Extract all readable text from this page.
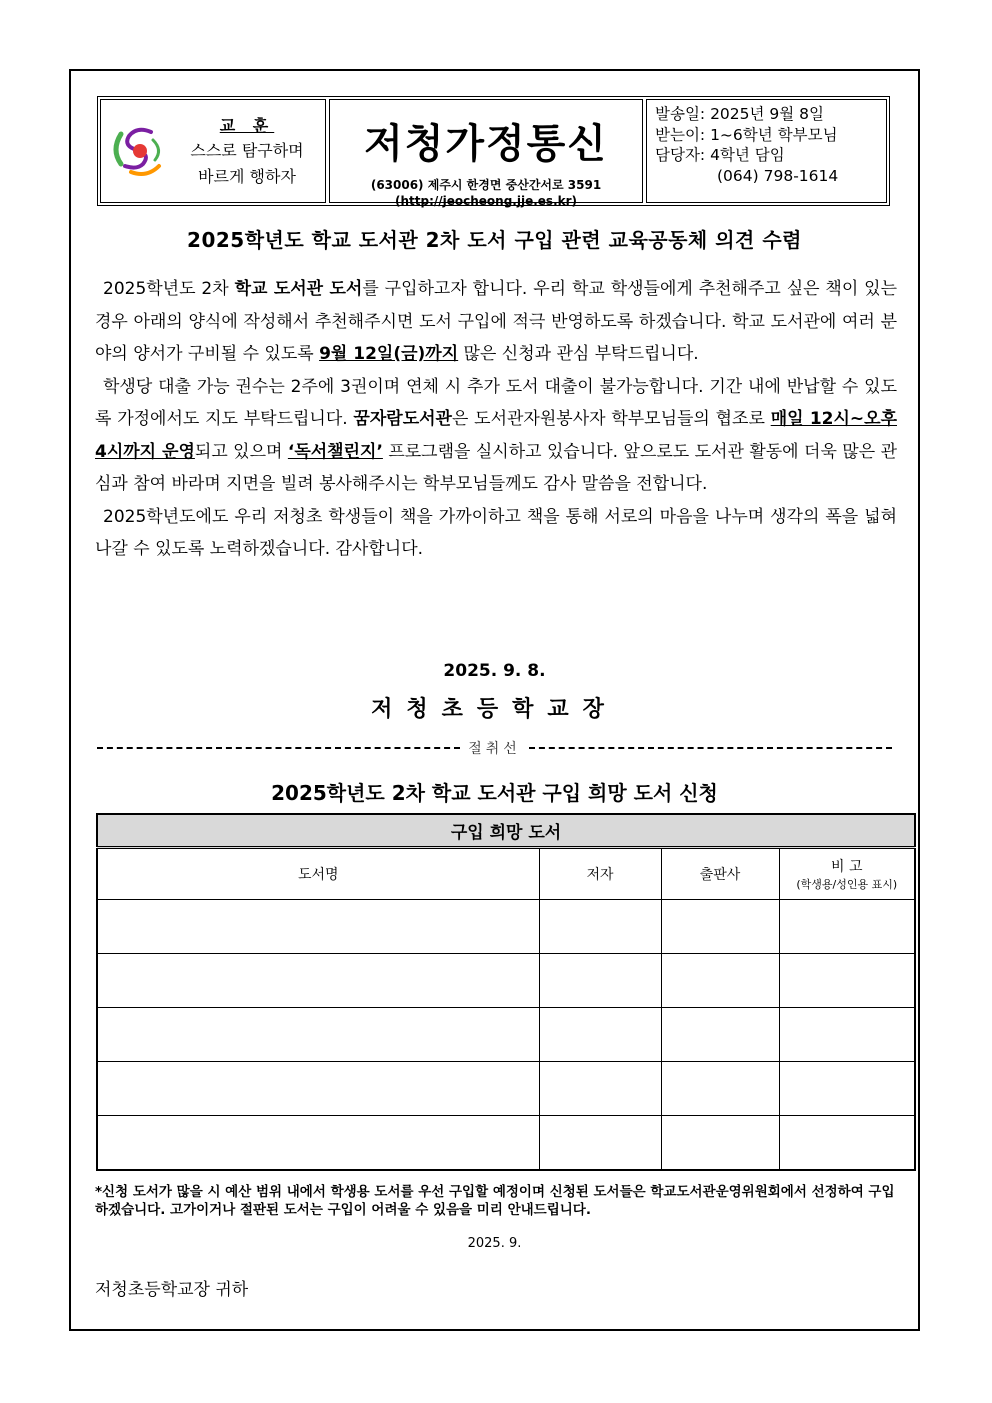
교 훈
스스로 탐구하며
바르게 행하자
저청가정통신
(63006) 제주시 한경면 중산간서로 3591
(http://jeocheong.jje.es.kr)
발송일: 2025년 9월 8일
받는이: 1~6학년 학부모님
담당자: 4학년 담임
(064) 798-1614
2025학년도 학교 도서관 2차 도서 구입 관련 교육공동체 의견 수렴

2025학년도 2차 학교 도서관 도서를 구입하고자 합니다. 우리 학교 학생들에게 추천해주고 싶은 책이 있는 경우 아래의 양식에 작성해서 추천해주시면 도서 구입에 적극 반영하도록 하겠습니다. 학교 도서관에 여러 분야의 양서가 구비될 수 있도록 9월 12일(금)까지 많은 신청과 관심 부탁드립니다.

학생당 대출 가능 권수는 2주에 3권이며 연체 시 추가 도서 대출이 불가능합니다. 기간 내에 반납할 수 있도록 가정에서도 지도 부탁드립니다. 꿈자람도서관은 도서관자원봉사자 학부모님들의 협조로 매일 12시~오후 4시까지 운영되고 있으며 ‘독서챌린지’ 프로그램을 실시하고 있습니다. 앞으로도 도서관 활동에 더욱 많은 관심과 참여 바라며 지면을 빌려 봉사해주시는 학부모님들께도 감사 말씀을 전합니다.

2025학년도에도 우리 저청초 학생들이 책을 가까이하고 책을 통해 서로의 마음을 나누며 생각의 폭을 넓혀나갈 수 있도록 노력하겠습니다. 감사합니다.

2025. 9. 8.
저청초등학교장
절취선
2025학년도 2차 학교 도서관 구입 희망 도서 신청
구입 희망 도서			
도서명	저자	출판사	비 고
(학생용/성인용 표시)

*신청 도서가 많을 시 예산 범위 내에서 학생용 도서를 우선 구입할 예정이며 신청된 도서들은 학교도서관운영위원회에서 선정하여 구입하겠습니다. 고가이거나 절판된 도서는 구입이 어려울 수 있음을 미리 안내드립니다.
2025. 9.
저청초등학교장 귀하
